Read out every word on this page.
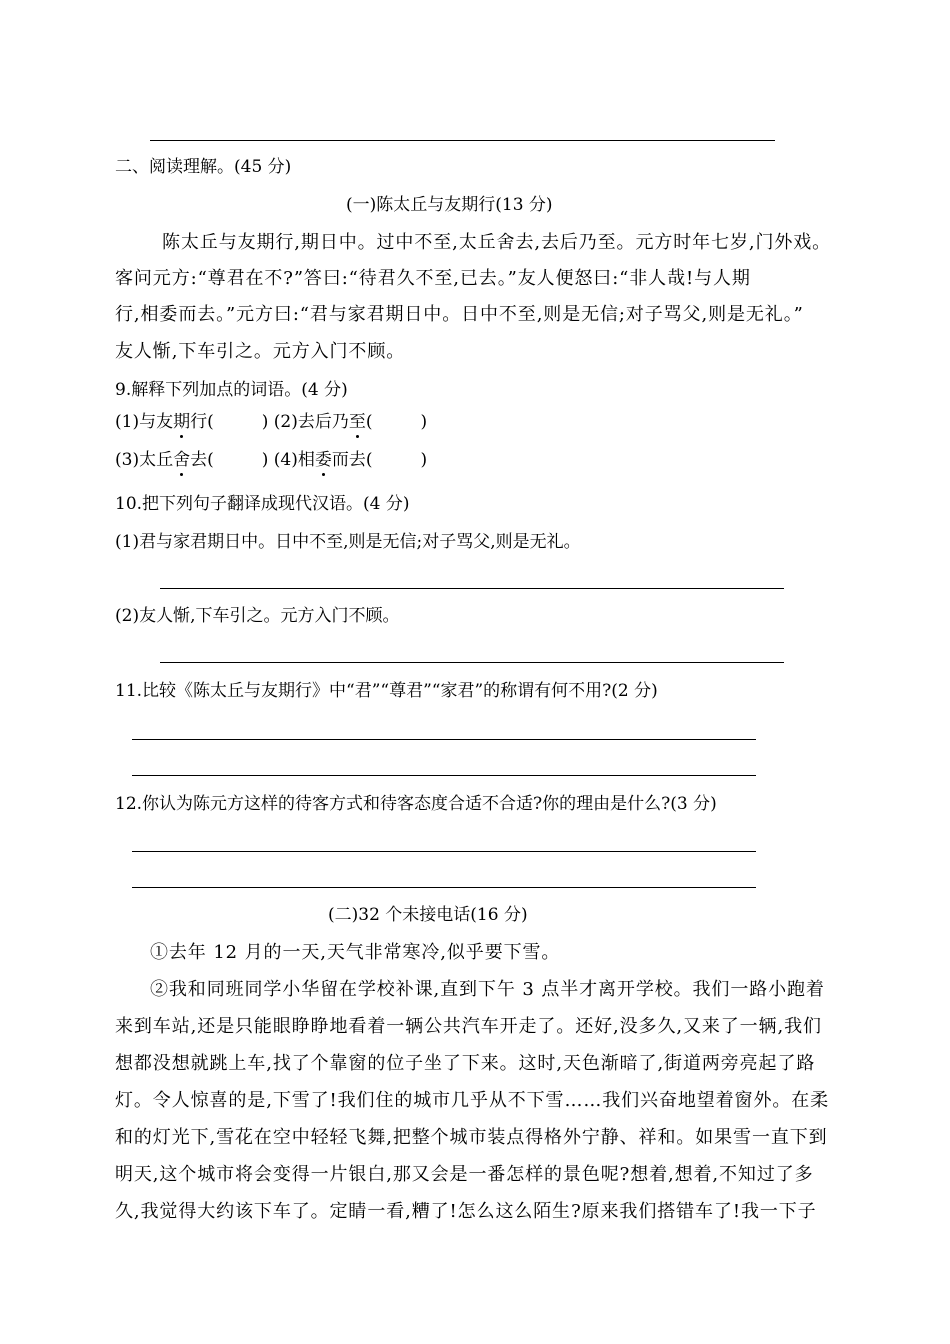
二、阅读理解。(45 分)

(一)陈太丘与友期行(13 分)

陈太丘与友期行,期日中。过中不至,太丘舍去,去后乃至。元方时年七岁,门外戏。

客问元方:“尊君在不?”答曰:“待君久不至,已去。”友人便怒曰:“非人哉!与人期

行,相委而去。”元方曰:“君与家君期日中。日中不至,则是无信;对子骂父,则是无礼。”

友人惭,下车引之。元方入门不顾。

9.解释下列加点的词语。(4 分)

(1)与友期行(	) (2)去后乃至(	)

(3)太丘舍去(	) (4)相委而去(	)

10.把下列句子翻译成现代汉语。(4 分)

(1)君与家君期日中。日中不至,则是无信;对子骂父,则是无礼。

(2)友人惭,下车引之。元方入门不顾。

11.比较《陈太丘与友期行》中“君”“尊君”“家君”的称谓有何不用?(2 分)

12.你认为陈元方这样的待客方式和待客态度合适不合适?你的理由是什么?(3 分)

(二)32 个未接电话(16 分)

①去年 12 月的一天,天气非常寒冷,似乎要下雪。

②我和同班同学小华留在学校补课,直到下午 3 点半才离开学校。我们一路小跑着

来到车站,还是只能眼睁睁地看着一辆公共汽车开走了。还好,没多久,又来了一辆,我们

想都没想就跳上车,找了个靠窗的位子坐了下来。这时,天色渐暗了,街道两旁亮起了路

灯。令人惊喜的是,下雪了!我们住的城市几乎从不下雪……我们兴奋地望着窗外。在柔

和的灯光下,雪花在空中轻轻飞舞,把整个城市装点得格外宁静、祥和。如果雪一直下到

明天,这个城市将会变得一片银白,那又会是一番怎样的景色呢?想着,想着,不知过了多

久,我觉得大约该下车了。定睛一看,糟了!怎么这么陌生?原来我们搭错车了!我一下子
